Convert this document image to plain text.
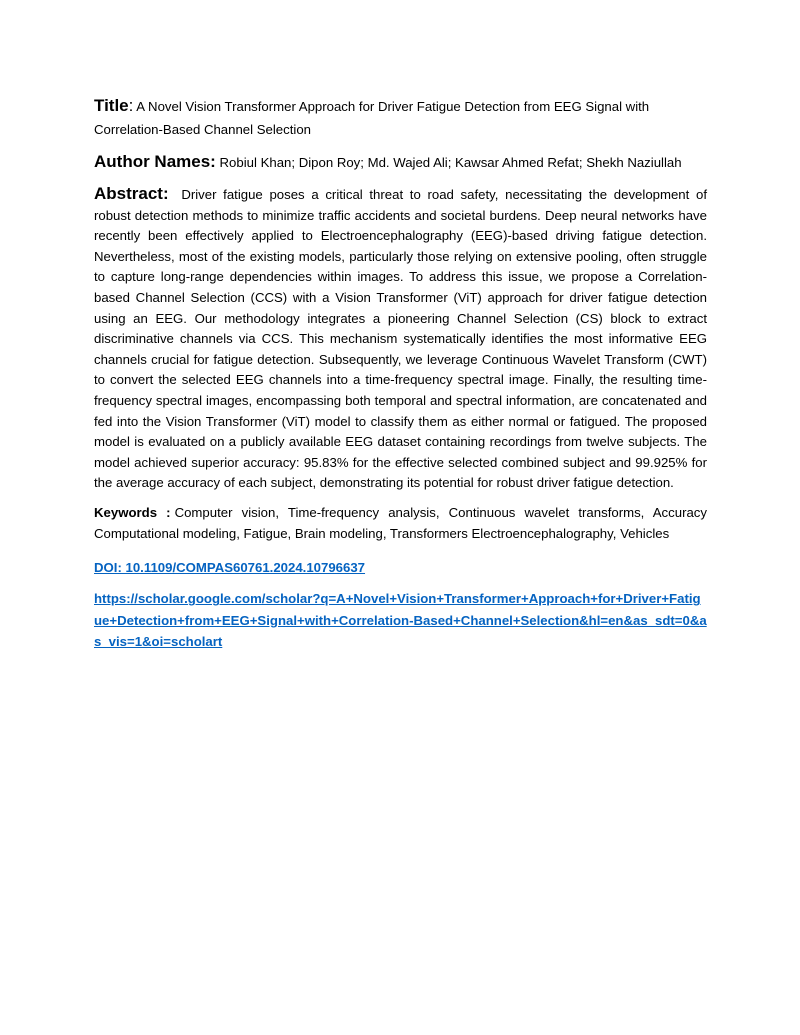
Title: A Novel Vision Transformer Approach for Driver Fatigue Detection from EEG Signal with Correlation-Based Channel Selection

Author Names: Robiul Khan; Dipon Roy; Md. Wajed Ali; Kawsar Ahmed Refat; Shekh Naziullah

Abstract: Driver fatigue poses a critical threat to road safety, necessitating the development of robust detection methods to minimize traffic accidents and societal burdens. Deep neural networks have recently been effectively applied to Electroencephalography (EEG)-based driving fatigue detection. Nevertheless, most of the existing models, particularly those relying on extensive pooling, often struggle to capture long-range dependencies within images. To address this issue, we propose a Correlation-based Channel Selection (CCS) with a Vision Transformer (ViT) approach for driver fatigue detection using an EEG. Our methodology integrates a pioneering Channel Selection (CS) block to extract discriminative channels via CCS. This mechanism systematically identifies the most informative EEG channels crucial for fatigue detection. Subsequently, we leverage Continuous Wavelet Transform (CWT) to convert the selected EEG channels into a time-frequency spectral image. Finally, the resulting time-frequency spectral images, encompassing both temporal and spectral information, are concatenated and fed into the Vision Transformer (ViT) model to classify them as either normal or fatigued. The proposed model is evaluated on a publicly available EEG dataset containing recordings from twelve subjects. The model achieved superior accuracy: 95.83% for the effective selected combined subject and 99.925% for the average accuracy of each subject, demonstrating its potential for robust driver fatigue detection.

Keywords : Computer vision, Time-frequency analysis, Continuous wavelet transforms, Accuracy Computational modeling, Fatigue, Brain modeling, Transformers Electroencephalography, Vehicles

DOI: 10.1109/COMPAS60761.2024.10796637

https://scholar.google.com/scholar?q=A+Novel+Vision+Transformer+Approach+for+Driver+Fatigue+Detection+from+EEG+Signal+with+Correlation-Based+Channel+Selection&hl=en&as_sdt=0&as_vis=1&oi=scholart
